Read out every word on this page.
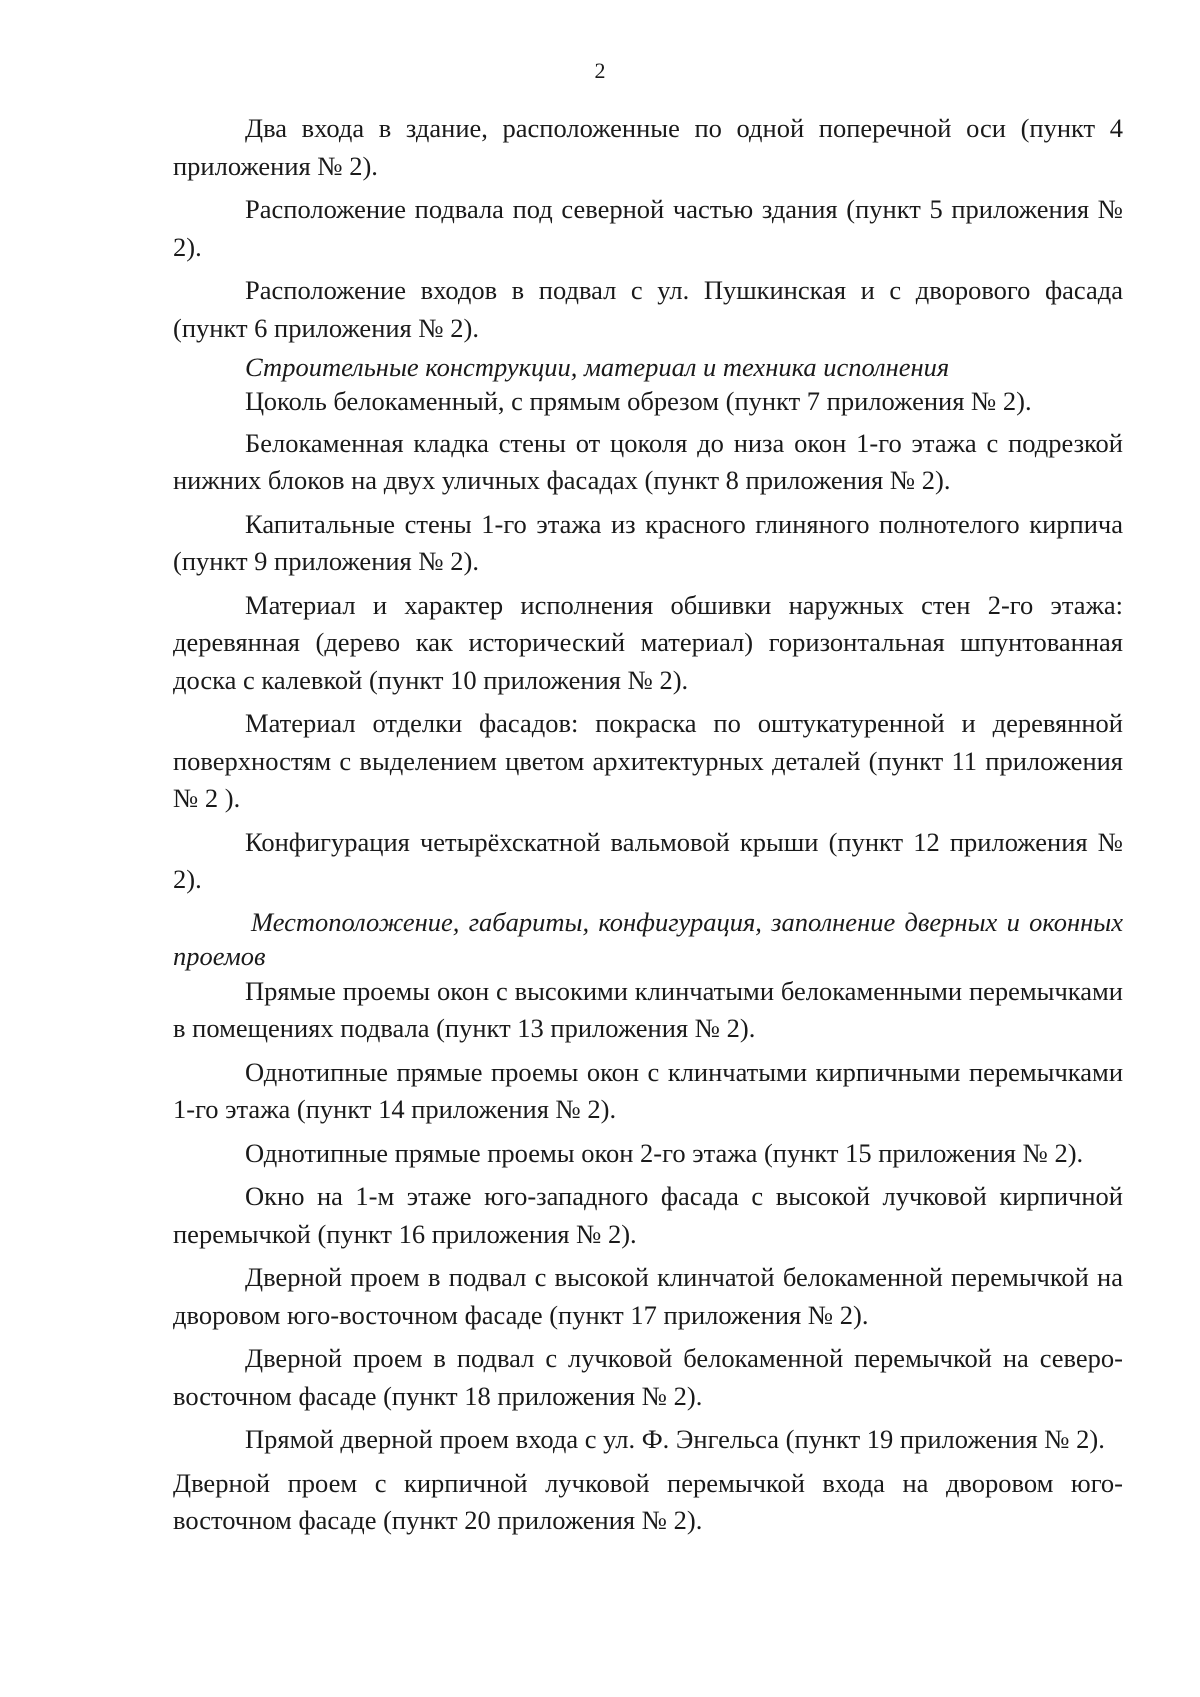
2

Два входа в здание, расположенные по одной поперечной оси (пункт 4 приложения № 2).

Расположение подвала под северной частью здания (пункт 5 приложения № 2).

Расположение входов в подвал с ул. Пушкинская и с дворового фасада (пункт 6 приложения № 2).

Строительные конструкции, материал и техника исполнения

Цоколь белокаменный, с прямым обрезом (пункт 7 приложения № 2).

Белокаменная кладка стены от цоколя до низа окон 1-го этажа с подрезкой нижних блоков на двух уличных фасадах (пункт 8 приложения № 2).

Капитальные стены 1-го этажа из красного глиняного полнотелого кирпича (пункт 9 приложения № 2).

Материал и характер исполнения обшивки наружных стен 2-го этажа: деревянная (дерево как исторический материал) горизонтальная шпунтованная доска с калевкой (пункт 10 приложения № 2).

Материал отделки фасадов: покраска по оштукатуренной и деревянной поверхностям с выделением цветом архитектурных деталей (пункт 11 приложения № 2 ).

Конфигурация четырёхскатной вальмовой крыши (пункт 12 приложения № 2).

Местоположение, габариты, конфигурация, заполнение дверных и оконных проемов

Прямые проемы окон с высокими клинчатыми белокаменными перемычками в помещениях подвала (пункт 13 приложения № 2).

Однотипные прямые проемы окон с клинчатыми кирпичными перемычками 1-го этажа (пункт 14 приложения № 2).

Однотипные прямые проемы окон 2-го этажа (пункт 15 приложения № 2).

Окно на 1-м этаже юго-западного фасада с высокой лучковой кирпичной перемычкой (пункт 16 приложения № 2).

Дверной проем в подвал с высокой клинчатой белокаменной перемычкой на дворовом юго-восточном фасаде (пункт 17 приложения № 2).

Дверной проем в подвал с лучковой белокаменной перемычкой на северо-восточном фасаде (пункт 18 приложения № 2).

Прямой дверной проем входа с ул. Ф. Энгельса (пункт 19 приложения № 2).

Дверной проем с кирпичной лучковой перемычкой входа на дворовом юго-восточном фасаде (пункт 20 приложения № 2).
